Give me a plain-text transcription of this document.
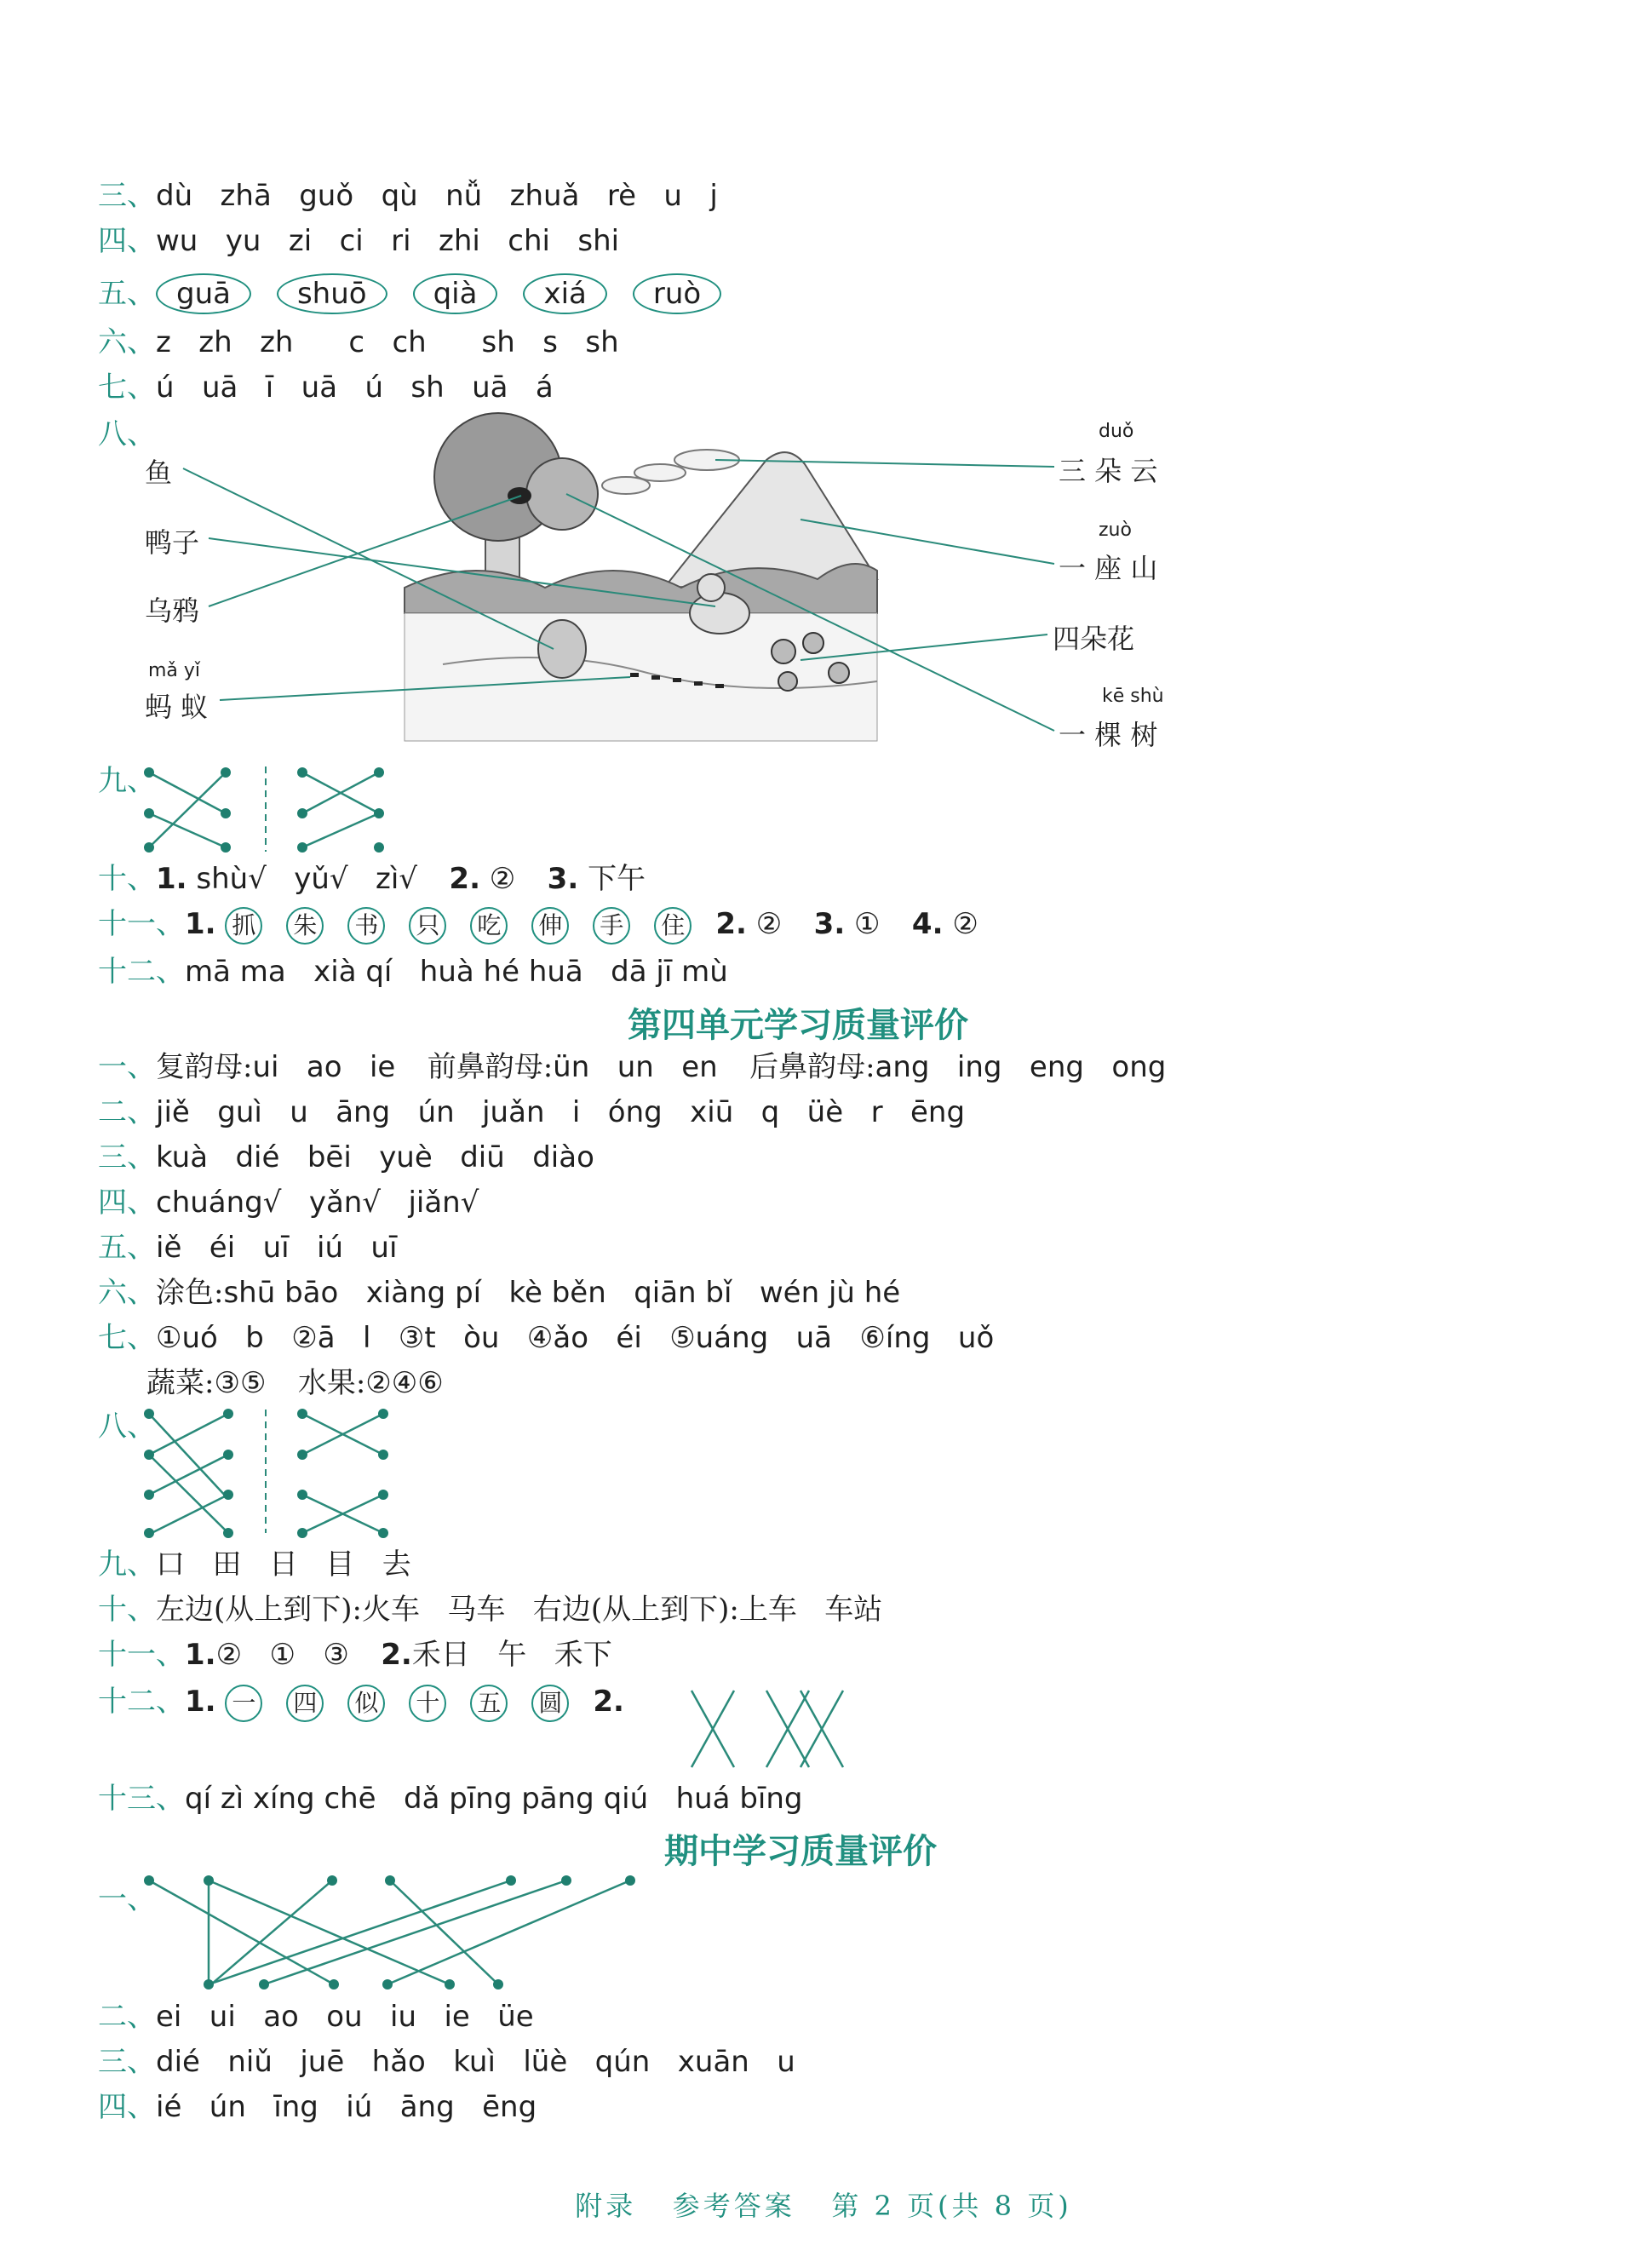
三、dù   zhā   guǒ   qù   nǚ   zhuǎ   rè   u   j
四、wu   yu   zi   ci   ri   zhi   chi   shi
五、 guā shuō qià xiá ruò
六、z   zh   zh      c   ch      sh   s   sh
七、ú   uā   ī   uā   ú   sh   uā   á
八、
鱼
鸭子
乌鸦
mǎ yǐ
蚂 蚁
duǒ
三 朵 云
zuò
一 座 山
四朵花
kē shù
一 棵 树
九、
十、1. shù√   yǔ√   zì√ 2. ② 3. 下午
十一、1. 抓 朱 书 只 吃 伸 手 住 2. ② 3. ① 4. ②
十二、mā ma   xià qí   huà hé huā   dā jī mù
第四单元学习质量评价
一、复韵母:ui   ao   ie 前鼻韵母:ün   un   en 后鼻韵母:ang   ing   eng   ong
二、jiě   guì   u   āng   ún   juǎn   i   óng   xiū   q   üè   r   ēng
三、kuà   dié   bēi   yuè   diū   diào
四、chuáng√   yǎn√   jiǎn√
五、iě   éi   uī   iú   uī
六、涂色:shū bāo   xiàng pí   kè běn   qiān bǐ   wén jù hé
七、①uó   b   ②ā   l   ③t   òu   ④ǎo   éi   ⑤uáng   uā   ⑥íng   uǒ
蔬菜:③⑤ 水果:②④⑥
八、
九、口   田   日   目   去
十、左边(从上到下):火车   马车   右边(从上到下):上车   车站
十一、1.②   ①   ③ 2.禾日   午   禾下
十二、1. 一 四 似 十 五 圆 2.
十三、qí zì xíng chē   dǎ pīng pāng qiú   huá bīng
期中学习质量评价
一、
二、ei   ui   ao   ou   iu   ie   üe
三、dié   niǔ   juē   hǎo   kuì   lüè   qún   xuān   u
四、ié   ún   īng   iú   āng   ēng
附录   参考答案   第 2 页(共 8 页)
